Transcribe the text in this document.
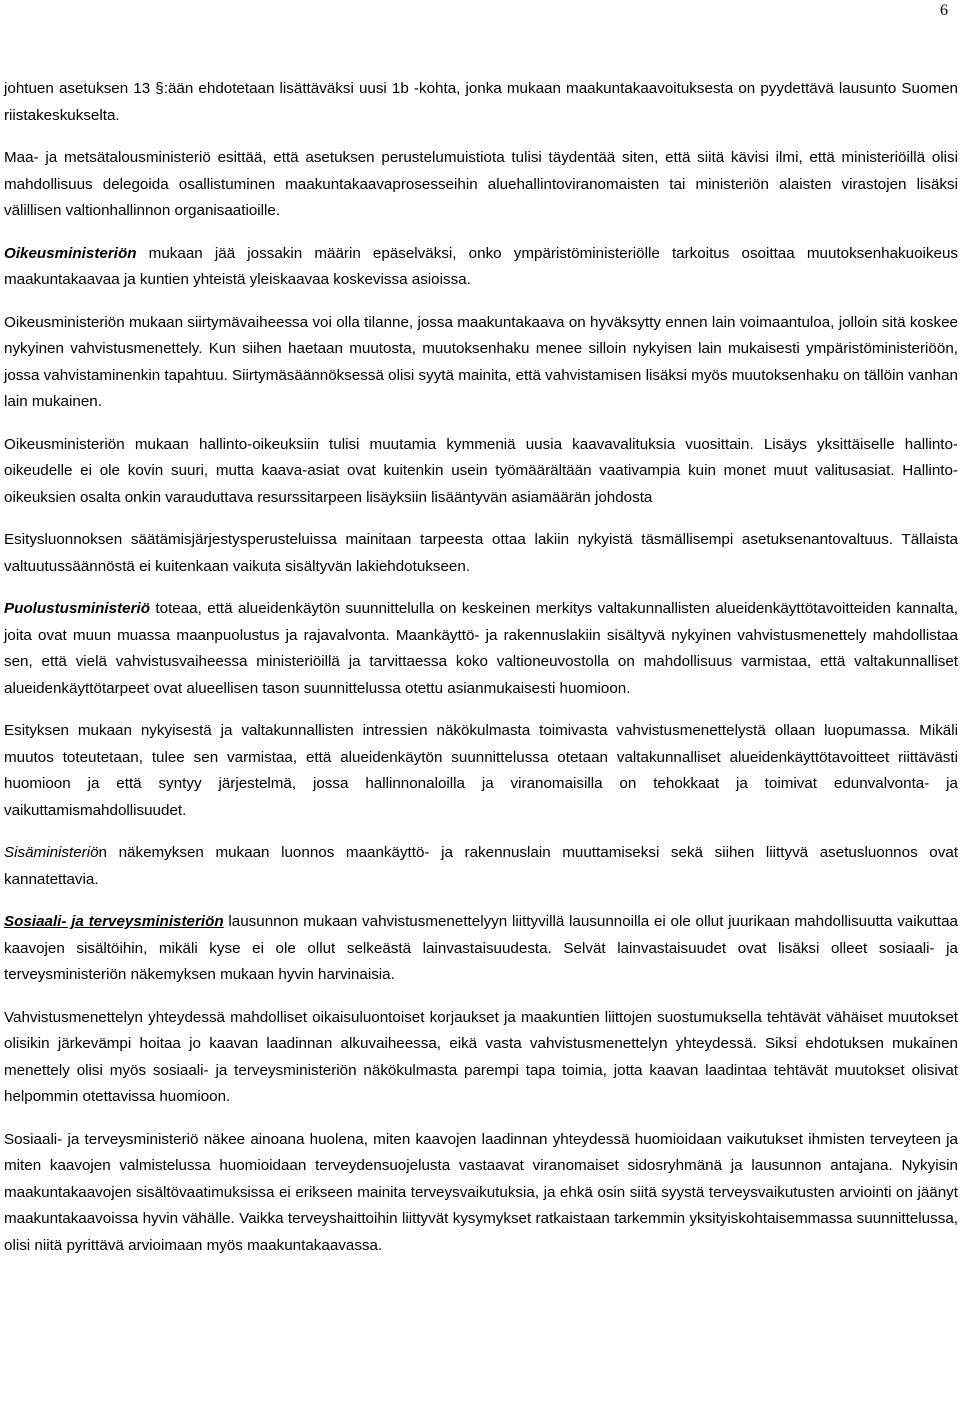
6

johtuen asetuksen 13 §:ään ehdotetaan lisättäväksi uusi 1b -kohta, jonka mukaan maakuntakaavoituksesta on pyydettävä lausunto Suomen riistakeskukselta.

Maa- ja metsätalousministeriö esittää, että asetuksen perustelumuistiota tulisi täydentää siten, että siitä kävisi ilmi, että ministeriöillä olisi mahdollisuus delegoida osallistuminen maakuntakaavaprosesseihin aluehallintoviranomaisten tai ministeriön alaisten virastojen lisäksi välillisen valtionhallinnon organisaatioille.

Oikeusministeriön mukaan jää jossakin määrin epäselväksi, onko ympäristöministeriölle tarkoitus osoittaa muutoksenhakuoikeus maakuntakaavaa ja kuntien yhteistä yleiskaavaa koskevissa asioissa.

Oikeusministeriön mukaan siirtymävaiheessa voi olla tilanne, jossa maakuntakaava on hyväksytty ennen lain voimaantuloa, jolloin sitä koskee nykyinen vahvistusmenettely. Kun siihen haetaan muutosta, muutoksenhaku menee silloin nykyisen lain mukaisesti ympäristöministeriöön, jossa vahvistaminenkin tapahtuu. Siirtymäsäännöksessä olisi syytä mainita, että vahvistamisen lisäksi myös muutoksenhaku on tällöin vanhan lain mukainen.

Oikeusministeriön mukaan hallinto-oikeuksiin tulisi muutamia kymmeniä uusia kaavavalituksia vuosittain. Lisäys yksittäiselle hallinto-oikeudelle ei ole kovin suuri, mutta kaava-asiat ovat kuitenkin usein työmäärältään vaativampia kuin monet muut valitusasiat. Hallinto-oikeuksien osalta onkin varauduttava resurssitarpeen lisäyksiin lisääntyvän asiamäärän johdosta

Esitysluonnoksen säätämisjärjestysperusteluissa mainitaan tarpeesta ottaa lakiin nykyistä täsmällisempi asetuksenantovaltuus. Tällaista valtuutussäännöstä ei kuitenkaan vaikuta sisältyvän lakiehdotukseen.

Puolustusministeriö toteaa, että alueidenkäytön suunnittelulla on keskeinen merkitys valtakunnallisten alueidenkäyttötavoitteiden kannalta, joita ovat muun muassa maanpuolustus ja rajavalvonta. Maankäyttö- ja rakennuslakiin sisältyvä nykyinen vahvistusmenettely mahdollistaa sen, että vielä vahvistusvaiheessa ministeriöillä ja tarvittaessa koko valtioneuvostolla on mahdollisuus varmistaa, että valtakunnalliset alueidenkäyttötarpeet ovat alueellisen tason suunnittelussa otettu asianmukaisesti huomioon.

Esityksen mukaan nykyisestä ja valtakunnallisten intressien näkökulmasta toimivasta vahvistusmenettelystä ollaan luopumassa. Mikäli muutos toteutetaan, tulee sen varmistaa, että alueidenkäytön suunnittelussa otetaan valtakunnalliset alueidenkäyttötavoitteet riittävästi huomioon ja että syntyy järjestelmä, jossa hallinnonaloilla ja viranomaisilla on tehokkaat ja toimivat edunvalvonta- ja vaikuttamismahdollisuudet.

Sisäministeriön näkemyksen mukaan luonnos maankäyttö- ja rakennuslain muuttamiseksi sekä siihen liittyvä asetusluonnos ovat kannatettavia.

Sosiaali- ja terveysministeriön lausunnon mukaan vahvistusmenettelyyn liittyvillä lausunnoilla ei ole ollut juurikaan mahdollisuutta vaikuttaa kaavojen sisältöihin, mikäli kyse ei ole ollut selkeästä lainvastaisuudesta. Selvät lainvastaisuudet ovat lisäksi olleet sosiaali- ja terveysministeriön näkemyksen mukaan hyvin harvinaisia.

Vahvistusmenettelyn yhteydessä mahdolliset oikaisuluontoiset korjaukset ja maakuntien liittojen suostumuksella tehtävät vähäiset muutokset olisikin järkevämpi hoitaa jo kaavan laadinnan alkuvaiheessa, eikä vasta vahvistusmenettelyn yhteydessä. Siksi ehdotuksen mukainen menettely olisi myös sosiaali- ja terveysministeriön näkökulmasta parempi tapa toimia, jotta kaavan laadintaa tehtävät muutokset olisivat helpommin otettavissa huomioon.

Sosiaali- ja terveysministeriö näkee ainoana huolena, miten kaavojen laadinnan yhteydessä huomioidaan vaikutukset ihmisten terveyteen ja miten kaavojen valmistelussa huomioidaan terveydensuojelusta vastaavat viranomaiset sidosryhmänä ja lausunnon antajana. Nykyisin maakuntakaavojen sisältövaatimuksissa ei erikseen mainita terveysvaikutuksia, ja ehkä osin siitä syystä terveysvaikutusten arviointi on jäänyt maakuntakaavoissa hyvin vähälle. Vaikka terveyshaittoihin liittyvät kysymykset ratkaistaan tarkemmin yksityiskohtaisemmassa suunnittelussa, olisi niitä pyrittävä arvioimaan myös maakuntakaavassa.
